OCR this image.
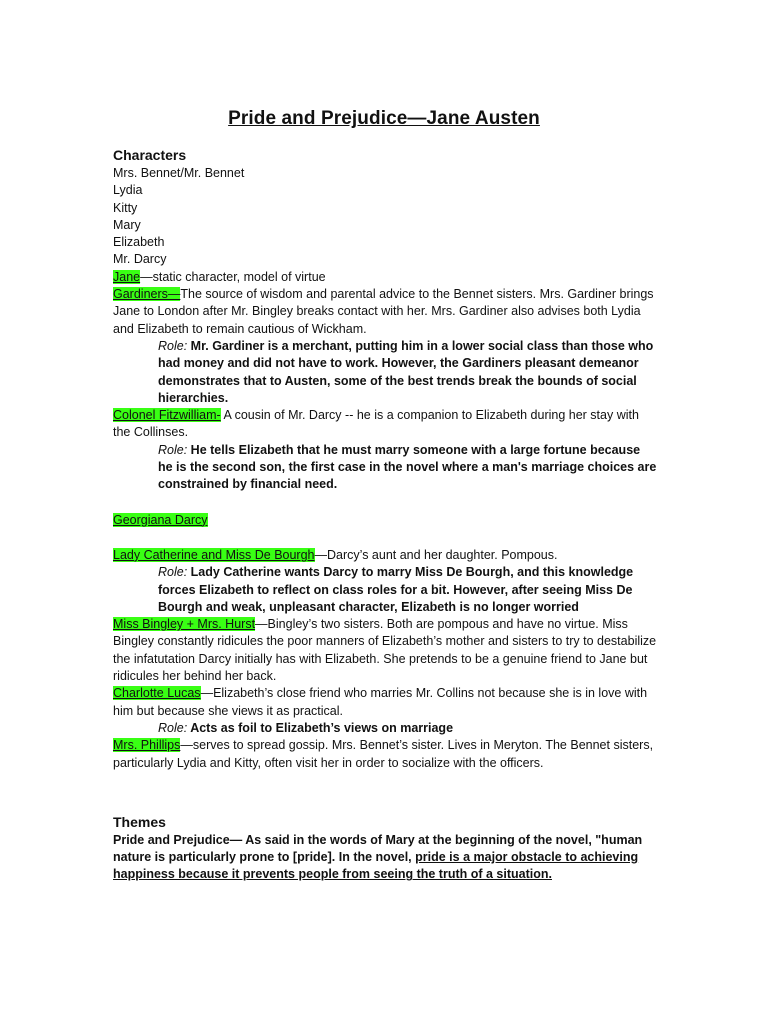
Pride and Prejudice—Jane Austen
Characters
Mrs. Bennet/Mr. Bennet
Lydia
Kitty
Mary
Elizabeth
Mr. Darcy
Jane—static character, model of virtue
Gardiners—The source of wisdom and parental advice to the Bennet sisters. Mrs. Gardiner brings Jane to London after Mr. Bingley breaks contact with her. Mrs. Gardiner also advises both Lydia and Elizabeth to remain cautious of Wickham.
Role: Mr. Gardiner is a merchant, putting him in a lower social class than those who had money and did not have to work. However, the Gardiners pleasant demeanor demonstrates that to Austen, some of the best trends break the bounds of social hierarchies.
Colonel Fitzwilliam- A cousin of Mr. Darcy -- he is a companion to Elizabeth during her stay with the Collinses.
Role: He tells Elizabeth that he must marry someone with a large fortune because he is the second son, the first case in the novel where a man's marriage choices are constrained by financial need.
Georgiana Darcy
Lady Catherine and Miss De Bourgh—Darcy’s aunt and her daughter. Pompous.
Role: Lady Catherine wants Darcy to marry Miss De Bourgh, and this knowledge forces Elizabeth to reflect on class roles for a bit. However, after seeing Miss De Bourgh and weak, unpleasant character, Elizabeth is no longer worried
Miss Bingley + Mrs. Hurst—Bingley’s two sisters. Both are pompous and have no virtue. Miss Bingley constantly ridicules the poor manners of Elizabeth’s mother and sisters to try to destabilize the infatutation Darcy initially has with Elizabeth. She pretends to be a genuine friend to Jane but ridicules her behind her back.
Charlotte Lucas—Elizabeth’s close friend who marries Mr. Collins not because she is in love with him but because she views it as practical.
Role: Acts as foil to Elizabeth’s views on marriage
Mrs. Phillips—serves to spread gossip. Mrs. Bennet’s sister. Lives in Meryton. The Bennet sisters, particularly Lydia and Kitty, often visit her in order to socialize with the officers.
Themes
Pride and Prejudice— As said in the words of Mary at the beginning of the novel, "human nature is particularly prone to [pride]. In the novel, pride is a major obstacle to achieving happiness because it prevents people from seeing the truth of a situation.
